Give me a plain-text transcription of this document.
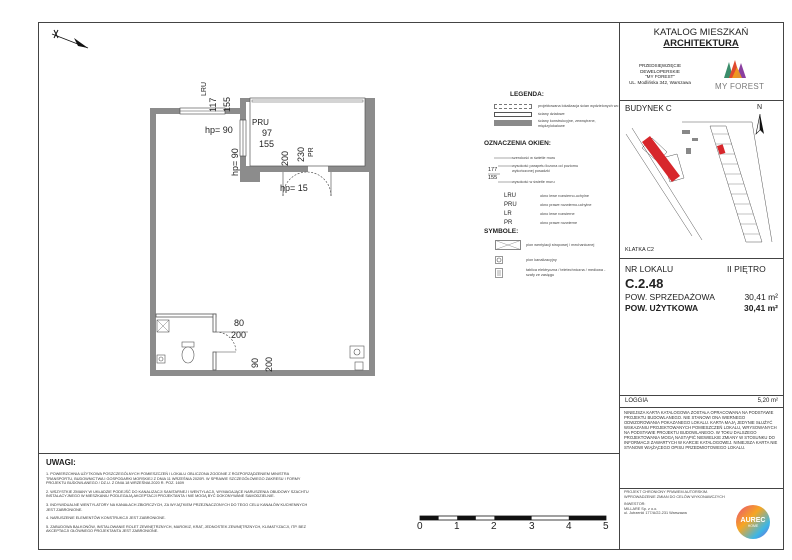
KATALOG MIESZKAŃ
ARCHITEKTURA
PRZEDSIĘWZIĘCIE
DEWELOPERSKIE
"MY FOREST"
UL. Modlińska 342, Warszawa	MY FOREST
BUDYNEK C	N
KLATKA C2
NR LOKALU	II PIĘTRO
C.2.48
POW. SPRZEDAŻOWA	30,41 m²
POW. UŻYTKOWA	30,41 m²
LOGGIA	5,20 m²
NINIEJSZA KARTA KATALOGOWA ZOSTAŁA OPRACOWANA NA PODSTAWIE PROJEKTU BUDOWLANEGO. NIE STANOWI ONA WIERNEGO ODWZOROWANIA POKAZANEGO LOKALU. KARTA MAJĄ JEDYNIE SŁUŻYĆ WSKAZANIU PROJEKTOWANYCH POMIESZCZEŃ LOKALU, WRYSOWANYCH NA PODSTAWIE PROJEKTU BUDOWLANEGO. W TOKU DALSZEGO PROJEKTOWANIA MOGĄ NASTĄPIĆ NIEWIELKIE ZMIANY W STOSUNKU DO INFORMACJI ZAWARTYCH W KARCIE KATALOGOWEJ. NINIEJSZA KARTA NIE STANOWI WIĄŻĄCEGO OPISU PRZEDMIOTOWEGO LOKALU.
PROJEKT CHRONIONY PRAWEM AUTORSKIM. WPROWADZENIE ZMIAN DO CELÓW WYKONAWCZYCH
INWESTOR:
MILLARE Sp. z o.o.
ul. Jutrzenki 177/A/22-231 Warszawa
AUREC
HOME
LEGENDA:
projektowana lokalizacja ścian wydzielonych wc
ściany działowe
ściany konstrukcyjne, zewnętrzne, międzylokalowe
OZNACZENIA OKIEN:
szerokość w świetle muru
wysokość parapetu liczona od poziomu wykończonej posadzki
wysokość w świetle muru
177
155
LRU	okno lewe rozwierno-uchylne
PRU	okno prawe rozwierno-uchylne
LR	okno lewe rozwierne
PR	okno prawe rozwierne
SYMBOLE:
pion wentylacji stropowej / mechanicznej
pion kanalizacyjny
tablica elektryczna / teletechniczna / mediowa - szafy ze zasięgu
LRU
117 155
PRU
97
hp= 90
hp= 90
155
200 230 PR
hp= 15
80
200
90 200
UWAGI:
1. POWIERZCHNIA UŻYTKOWA POSZCZEGÓLNYCH POMIESZCZEŃ I LOKALU OBLICZONA ZGODNIE Z ROZPORZĄDZENIEM MINISTRA TRANSPORTU, BUDOWNICTWA I GOSPODARKI MORSKIEJ Z DNIA 11 WRZEŚNIA 2020R. W SPRAWIE SZCZEGÓŁOWEGO ZAKRESU I FORMY PROJEKTU BUDOWLANEGO / DZ.U. Z DNIA 18 WRZEŚNIA 2020 R. POZ. 1609
2. WSZYSTKIE ZMIANY W UKŁADZIE PODEJŚĆ DO KANALIZACJI SANITARNEJ I WENTYLACJI, WYMAGAJĄCE NARUSZENIA OBUDOWY SZACHTU INSTALACYJNEGO W MIESZKANIU PODLEGAJĄ AKCEPTACJI PROJEKTANTA I NIE MOGĄ BYĆ DOKONYWANE SAMODZIELNIE.
3. INDYWIDUALNE WENTYLATORY NA KANAŁACH ZBIORCZYCH, ZA WYJĄTKIEM PRZEZNACZONYCH DO TEGO CELU KANAŁÓW KUCHENNYCH JEST ZABRONIONE.
4. NARUSZENIE ELEMENTÓW KONSTRUKCJI JEST ZABRONIONE.
5. ZABUDOWA BALKONÓW, INSTALOWANIE ROLET ZEWNĘTRZNYCH, MAROKIZ, KRAT, JEDNOSTEK ZEWNĘTRZNYCH, KLIMATYZACJI, ITP. BEZ AKCEPTACJI GŁÓWNEGO PROJEKTANTA JEST ZABRONIONE.	0	1	2	3	4	5
